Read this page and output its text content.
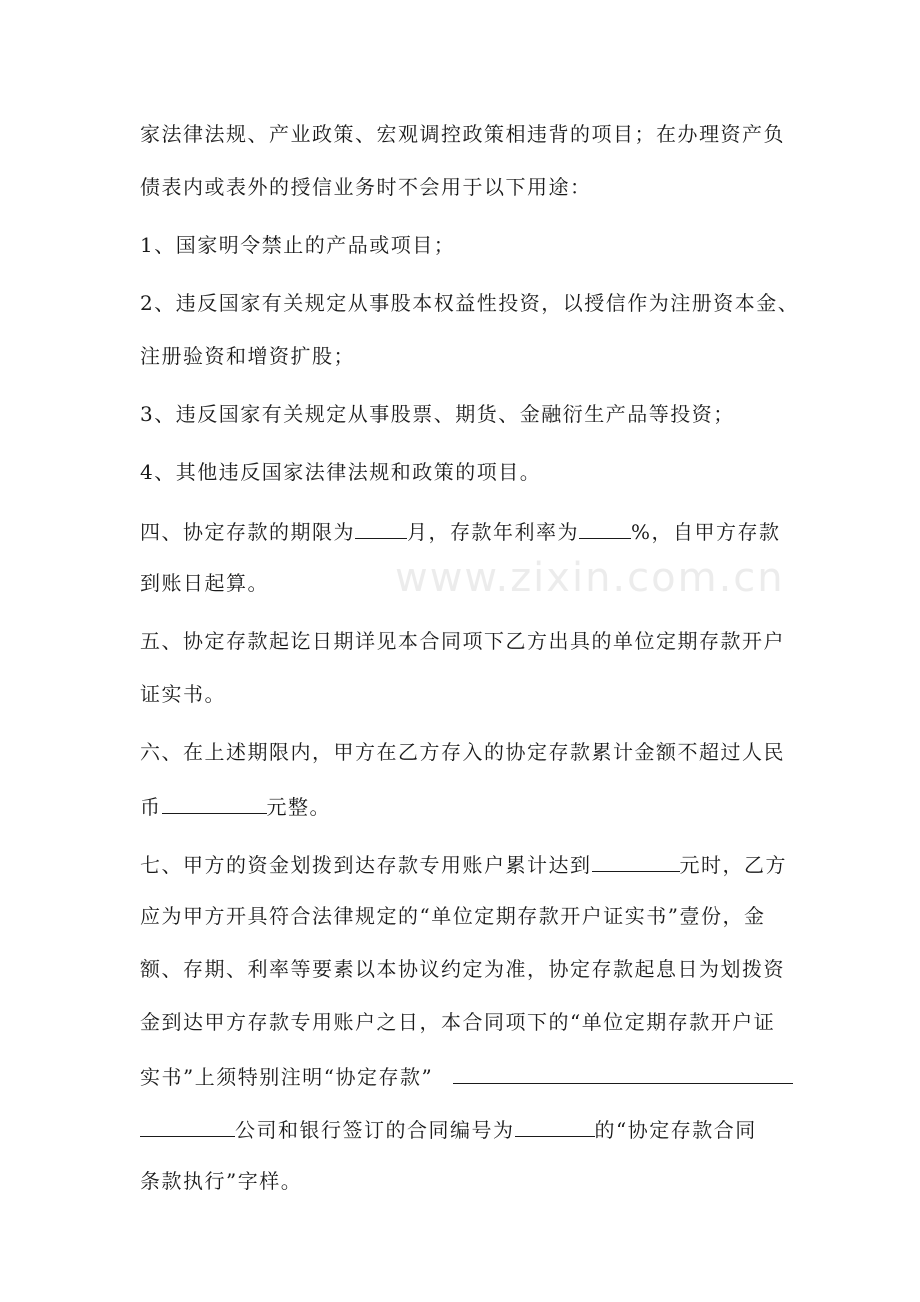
www.zixin.com.cn

家法律法规、产业政策、宏观调控政策相违背的项目；在办理资产负

债表内或表外的授信业务时不会用于以下用途：

1、国家明令禁止的产品或项目；

2、违反国家有关规定从事股本权益性投资，以授信作为注册资本金、

注册验资和增资扩股；

3、违反国家有关规定从事股票、期货、金融衍生产品等投资；

4、其他违反国家法律法规和政策的项目。

四、协定存款的期限为	月，存款年利率为	%，自甲方存款

到账日起算。

五、协定存款起讫日期详见本合同项下乙方出具的单位定期存款开户

证实书。

六、在上述期限内，甲方在乙方存入的协定存款累计金额不超过人民

币	元整。

七、甲方的资金划拨到达存款专用账户累计达到	元时，乙方

应为甲方开具符合法律规定的“单位定期存款开户证实书”壹份，金

额、存期、利率等要素以本协议约定为准，协定存款起息日为划拨资

金到达甲方存款专用账户之日，本合同项下的“单位定期存款开户证

实书”上须特别注明“协定存款”

公司和银行签订的合同编号为	的“协定存款合同

条款执行”字样。
